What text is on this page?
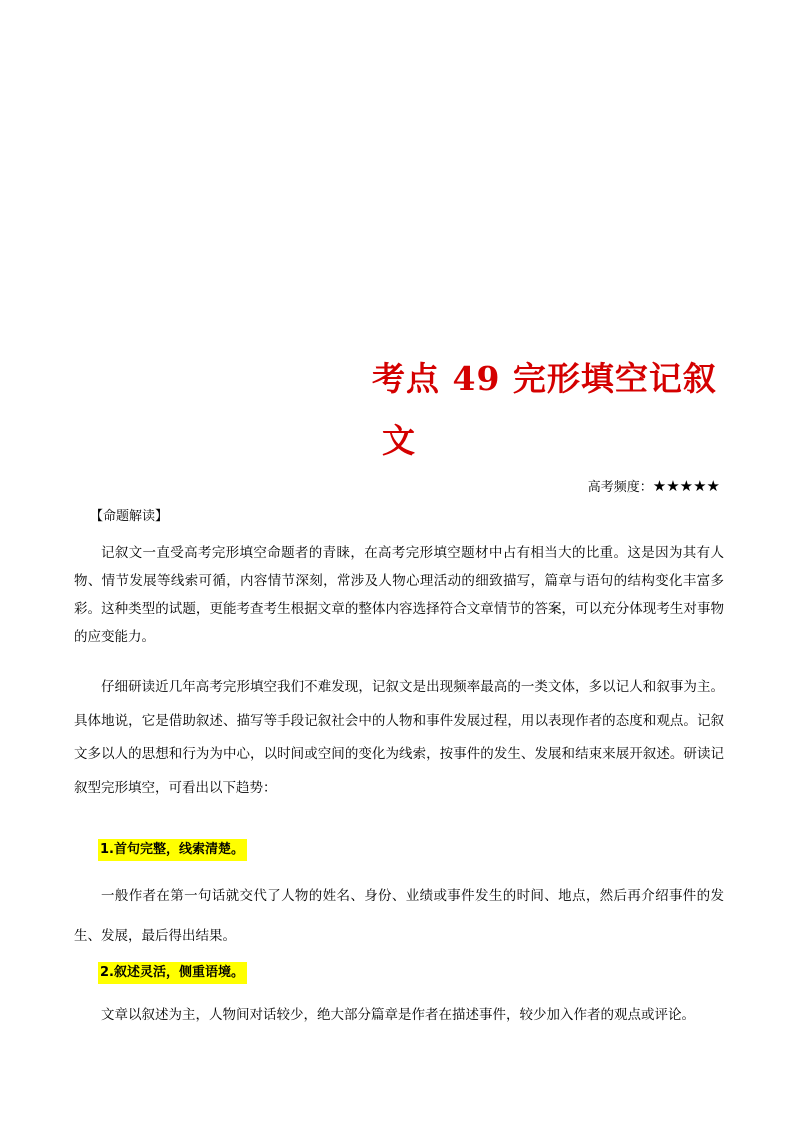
考点 49 完形填空记叙
文
高考频度：★★★★★
【命题解读】
记叙文一直受高考完形填空命题者的青睐，在高考完形填空题材中占有相当大的比重。这是因为其有人物、情节发展等线索可循，内容情节深刻，常涉及人物心理活动的细致描写，篇章与语句的结构变化丰富多彩。这种类型的试题，更能考查考生根据文章的整体内容选择符合文章情节的答案，可以充分体现考生对事物的应变能力。
仔细研读近几年高考完形填空我们不难发现，记叙文是出现频率最高的一类文体，多以记人和叙事为主。具体地说，它是借助叙述、描写等手段记叙社会中的人物和事件发展过程，用以表现作者的态度和观点。记叙文多以人的思想和行为为中心，以时间或空间的变化为线索，按事件的发生、发展和结束来展开叙述。研读记叙型完形填空，可看出以下趋势：
1.首句完整，线索清楚。
一般作者在第一句话就交代了人物的姓名、身份、业绩或事件发生的时间、地点，然后再介绍事件的发生、发展，最后得出结果。
2.叙述灵活，侧重语境。
文章以叙述为主，人物间对话较少，绝大部分篇章是作者在描述事件，较少加入作者的观点或评论。
